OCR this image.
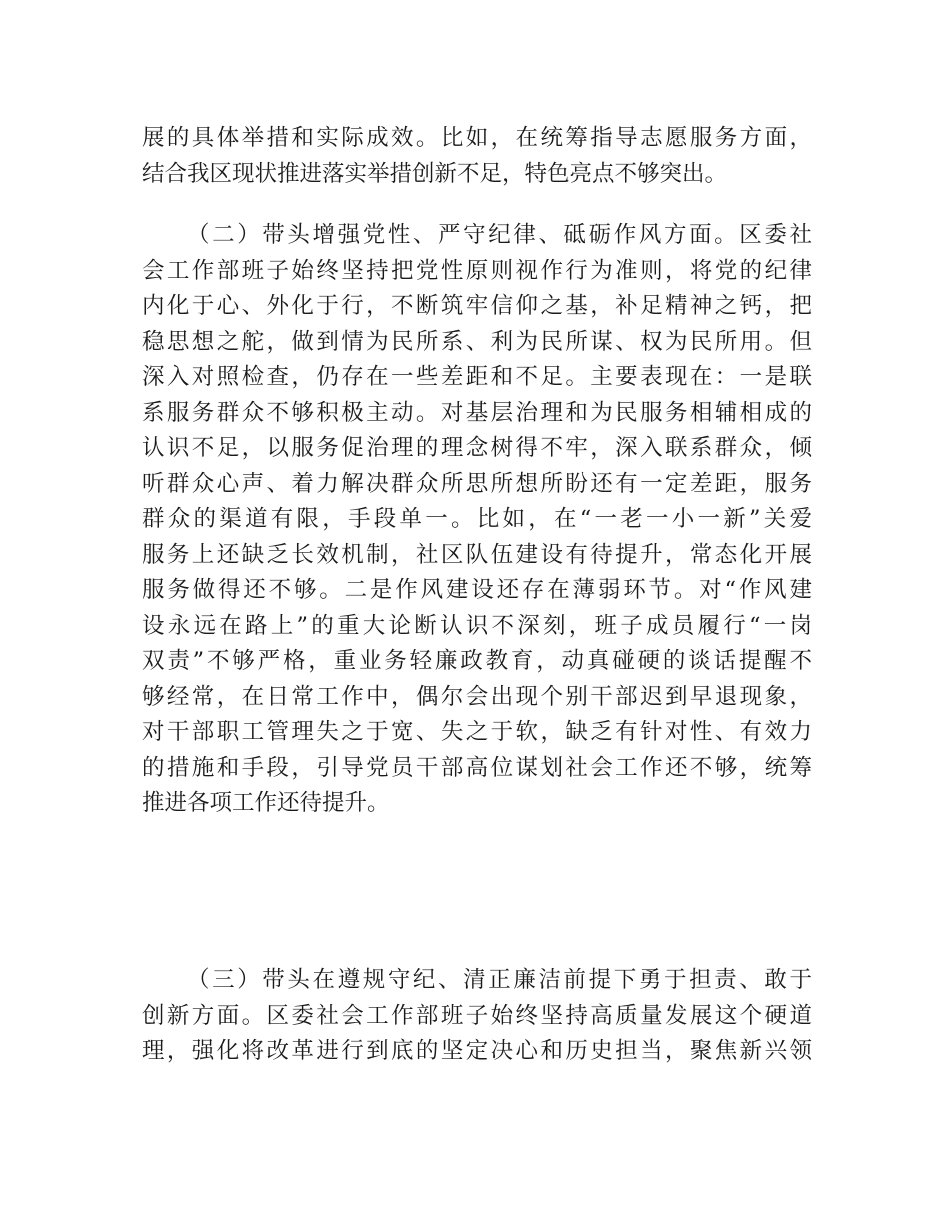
展的具体举措和实际成效。比如，在统筹指导志愿服务方面，
结合我区现状推进落实举措创新不足，特色亮点不够突出。
（二）带头增强党性、严守纪律、砥砺作风方面。区委社
会工作部班子始终坚持把党性原则视作行为准则，将党的纪律
内化于心、外化于行，不断筑牢信仰之基，补足精神之钙，把
稳思想之舵，做到情为民所系、利为民所谋、权为民所用。但
深入对照检查，仍存在一些差距和不足。主要表现在：一是联
系服务群众不够积极主动。对基层治理和为民服务相辅相成的
认识不足，以服务促治理的理念树得不牢，深入联系群众，倾
听群众心声、着力解决群众所思所想所盼还有一定差距，服务
群众的渠道有限，手段单一。比如，在“一老一小一新”关爱
服务上还缺乏长效机制，社区队伍建设有待提升，常态化开展
服务做得还不够。二是作风建设还存在薄弱环节。对“作风建
设永远在路上”的重大论断认识不深刻，班子成员履行“一岗
双责”不够严格，重业务轻廉政教育，动真碰硬的谈话提醒不
够经常，在日常工作中，偶尔会出现个别干部迟到早退现象，
对干部职工管理失之于宽、失之于软，缺乏有针对性、有效力
的措施和手段，引导党员干部高位谋划社会工作还不够，统筹
推进各项工作还待提升。
（三）带头在遵规守纪、清正廉洁前提下勇于担责、敢于
创新方面。区委社会工作部班子始终坚持高质量发展这个硬道
理，强化将改革进行到底的坚定决心和历史担当，聚焦新兴领
